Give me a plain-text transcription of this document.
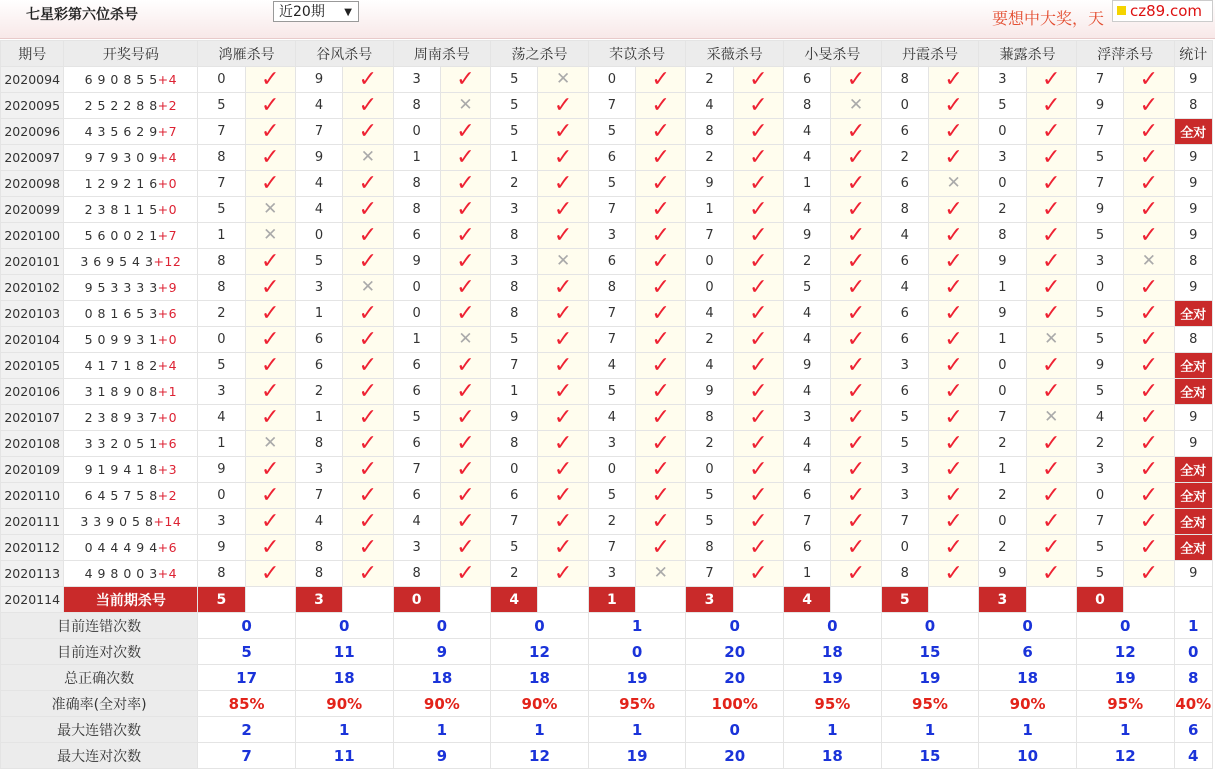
七星彩第六位杀号	近20期 ▼	要想中大奖，天	cz89.com
期号	开奖号码	鸿雁杀号		谷风杀号		周南杀号		荡之杀号		芣苡杀号		采薇杀号		小旻杀号		丹霞杀号		蒹露杀号		浮萍杀号		统计
2020094	6 9 0 8 5 5+4	0	✓	9	✓	3	✓	5	✕	0	✓	2	✓	6	✓	8	✓	3	✓	7	✓	9
2020095	2 5 2 2 8 8+2	5	✓	4	✓	8	✕	5	✓	7	✓	4	✓	8	✕	0	✓	5	✓	9	✓	8
2020096	4 3 5 6 2 9+7	7	✓	7	✓	0	✓	5	✓	5	✓	8	✓	4	✓	6	✓	0	✓	7	✓	全对
2020097	9 7 9 3 0 9+4	8	✓	9	✕	1	✓	1	✓	6	✓	2	✓	4	✓	2	✓	3	✓	5	✓	9
2020098	1 2 9 2 1 6+0	7	✓	4	✓	8	✓	2	✓	5	✓	9	✓	1	✓	6	✕	0	✓	7	✓	9
2020099	2 3 8 1 1 5+0	5	✕	4	✓	8	✓	3	✓	7	✓	1	✓	4	✓	8	✓	2	✓	9	✓	9
2020100	5 6 0 0 2 1+7	1	✕	0	✓	6	✓	8	✓	3	✓	7	✓	9	✓	4	✓	8	✓	5	✓	9
2020101	3 6 9 5 4 3+12	8	✓	5	✓	9	✓	3	✕	6	✓	0	✓	2	✓	6	✓	9	✓	3	✕	8
2020102	9 5 3 3 3 3+9	8	✓	3	✕	0	✓	8	✓	8	✓	0	✓	5	✓	4	✓	1	✓	0	✓	9
2020103	0 8 1 6 5 3+6	2	✓	1	✓	0	✓	8	✓	7	✓	4	✓	4	✓	6	✓	9	✓	5	✓	全对
2020104	5 0 9 9 3 1+0	0	✓	6	✓	1	✕	5	✓	7	✓	2	✓	4	✓	6	✓	1	✕	5	✓	8
2020105	4 1 7 1 8 2+4	5	✓	6	✓	6	✓	7	✓	4	✓	4	✓	9	✓	3	✓	0	✓	9	✓	全对
2020106	3 1 8 9 0 8+1	3	✓	2	✓	6	✓	1	✓	5	✓	9	✓	4	✓	6	✓	0	✓	5	✓	全对
2020107	2 3 8 9 3 7+0	4	✓	1	✓	5	✓	9	✓	4	✓	8	✓	3	✓	5	✓	7	✕	4	✓	9
2020108	3 3 2 0 5 1+6	1	✕	8	✓	6	✓	8	✓	3	✓	2	✓	4	✓	5	✓	2	✓	2	✓	9
2020109	9 1 9 4 1 8+3	9	✓	3	✓	7	✓	0	✓	0	✓	0	✓	4	✓	3	✓	1	✓	3	✓	全对
2020110	6 4 5 7 5 8+2	0	✓	7	✓	6	✓	6	✓	5	✓	5	✓	6	✓	3	✓	2	✓	0	✓	全对
2020111	3 3 9 0 5 8+14	3	✓	4	✓	4	✓	7	✓	2	✓	5	✓	7	✓	7	✓	0	✓	7	✓	全对
2020112	0 4 4 4 9 4+6	9	✓	8	✓	3	✓	5	✓	7	✓	8	✓	6	✓	0	✓	2	✓	5	✓	全对
2020113	4 9 8 0 0 3+4	8	✓	8	✓	8	✓	2	✓	3	✕	7	✓	1	✓	8	✓	9	✓	5	✓	9
2020114	当前期杀号	5		3		0		4		1		3		4		5		3		0		
目前连错次数		0		0		0		0		1		0		0		0		0		0		1
目前连对次数		5		11		9		12		0		20		18		15		6		12		0
总正确次数		17		18		18		18		19		20		19		19		18		19		8
准确率(全对率)		85%		90%		90%		90%		95%		100%		95%		95%		90%		95%		40%
最大连错次数		2		1		1		1		1		0		1		1		1		1		6
最大连对次数		7		11		9		12		19		20		18		15		10		12		4
